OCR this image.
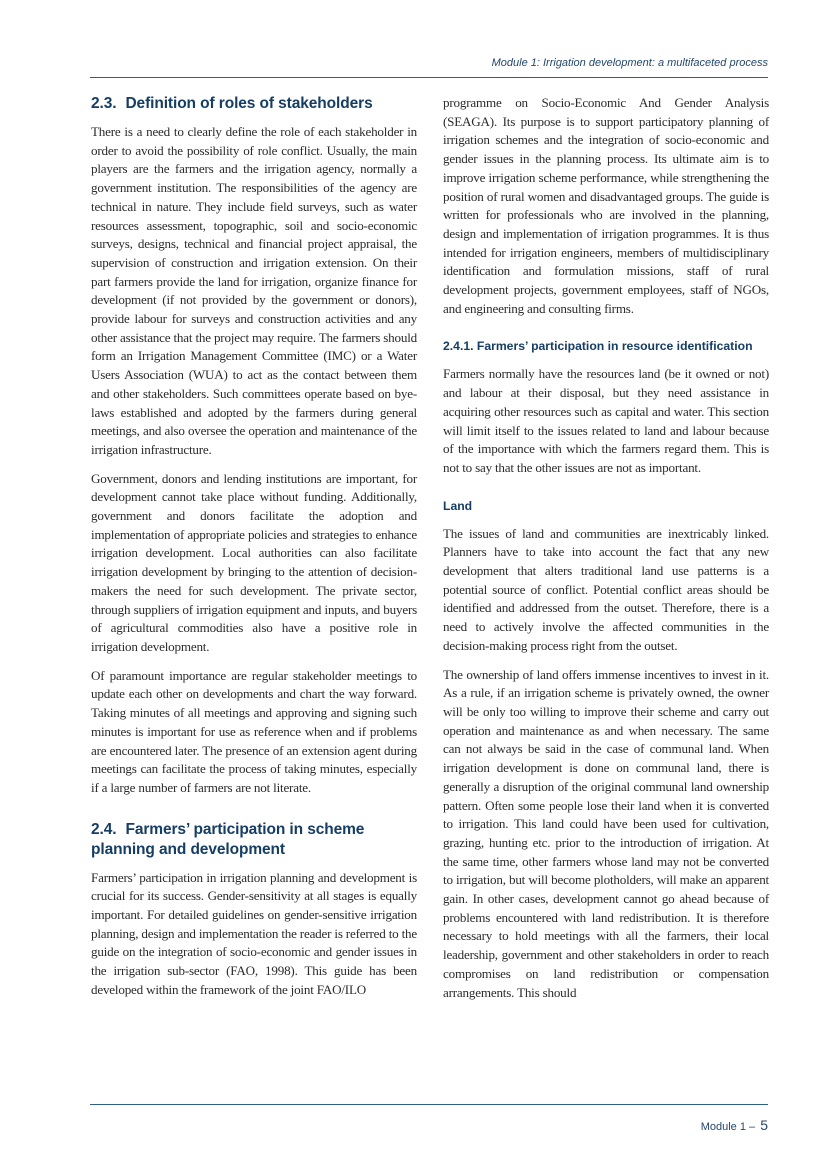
Module 1: Irrigation development: a multifaceted process
2.3. Definition of roles of stakeholders

There is a need to clearly define the role of each stakeholder in order to avoid the possibility of role conflict. Usually, the main players are the farmers and the irrigation agency, normally a government institution. The responsibilities of the agency are technical in nature. They include field surveys, such as water resources assessment, topographic, soil and socio-economic surveys, designs, technical and financial project appraisal, the supervision of construction and irrigation extension. On their part farmers provide the land for irrigation, organize finance for development (if not provided by the government or donors), provide labour for surveys and construction activities and any other assistance that the project may require. The farmers should form an Irrigation Management Committee (IMC) or a Water Users Association (WUA) to act as the contact between them and other stakeholders. Such committees operate based on bye-laws established and adopted by the farmers during general meetings, and also oversee the operation and maintenance of the irrigation infrastructure.

Government, donors and lending institutions are important, for development cannot take place without funding. Additionally, government and donors facilitate the adoption and implementation of appropriate policies and strategies to enhance irrigation development. Local authorities can also facilitate irrigation development by bringing to the attention of decision-makers the need for such development. The private sector, through suppliers of irrigation equipment and inputs, and buyers of agricultural commodities also have a positive role in irrigation development.

Of paramount importance are regular stakeholder meetings to update each other on developments and chart the way forward. Taking minutes of all meetings and approving and signing such minutes is important for use as reference when and if problems are encountered later. The presence of an extension agent during meetings can facilitate the process of taking minutes, especially if a large number of farmers are not literate.

2.4. Farmers’ participation in scheme planning and development

Farmers’ participation in irrigation planning and development is crucial for its success. Gender-sensitivity at all stages is equally important. For detailed guidelines on gender-sensitive irrigation planning, design and implementation the reader is referred to the guide on the integration of socio-economic and gender issues in the irrigation sub-sector (FAO, 1998). This guide has been developed within the framework of the joint FAO/ILO

programme on Socio-Economic And Gender Analysis (SEAGA). Its purpose is to support participatory planning of irrigation schemes and the integration of socio-economic and gender issues in the planning process. Its ultimate aim is to improve irrigation scheme performance, while strengthening the position of rural women and disadvantaged groups. The guide is written for professionals who are involved in the planning, design and implementation of irrigation programmes. It is thus intended for irrigation engineers, members of multidisciplinary identification and formulation missions, staff of rural development projects, government employees, staff of NGOs, and engineering and consulting firms.

2.4.1. Farmers’ participation in resource identification

Farmers normally have the resources land (be it owned or not) and labour at their disposal, but they need assistance in acquiring other resources such as capital and water. This section will limit itself to the issues related to land and labour because of the importance with which the farmers regard them. This is not to say that the other issues are not as important.

Land

The issues of land and communities are inextricably linked. Planners have to take into account the fact that any new development that alters traditional land use patterns is a potential source of conflict. Potential conflict areas should be identified and addressed from the outset. Therefore, there is a need to actively involve the affected communities in the decision-making process right from the outset.

The ownership of land offers immense incentives to invest in it. As a rule, if an irrigation scheme is privately owned, the owner will be only too willing to improve their scheme and carry out operation and maintenance as and when necessary. The same can not always be said in the case of communal land. When irrigation development is done on communal land, there is generally a disruption of the original communal land ownership pattern. Often some people lose their land when it is converted to irrigation. This land could have been used for cultivation, grazing, hunting etc. prior to the introduction of irrigation. At the same time, other farmers whose land may not be converted to irrigation, but will become plotholders, will make an apparent gain. In other cases, development cannot go ahead because of problems encountered with land redistribution. It is therefore necessary to hold meetings with all the farmers, their local leadership, government and other stakeholders in order to reach compromises on land redistribution or compensation arrangements. This should

Module 1 – 5
